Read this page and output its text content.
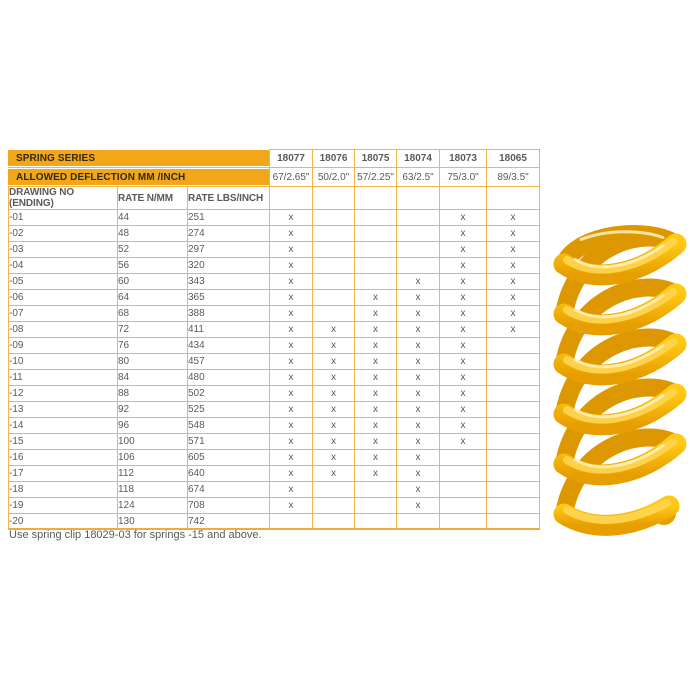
SPRING SERIES			18077	18076	18075	18074	18073	18065

ALLOWED DEFLECTION MM /INCH			67/2.65"	50/2.0"	57/2.25"	63/2.5"	75/3.0"	89/3.5"
DRAWING NO (ENDING)	RATE N/MM	RATE LBS/INCH						
-01	44	251	x				x	x
-02	48	274	x				x	x
-03	52	297	x				x	x
-04	56	320	x				x	x
-05	60	343	x			x	x	x
-06	64	365	x		x	x	x	x
-07	68	388	x		x	x	x	x
-08	72	411	x	x	x	x	x	x
-09	76	434	x	x	x	x	x	
-10	80	457	x	x	x	x	x	
-11	84	480	x	x	x	x	x	
-12	88	502	x	x	x	x	x	
-13	92	525	x	x	x	x	x	
-14	96	548	x	x	x	x	x	
-15	100	571	x	x	x	x	x	
-16	106	605	x	x	x	x		
-17	112	640	x	x	x	x		
-18	118	674	x			x		
-19	124	708	x			x		
-20	130	742						
Use spring clip 18029-03 for springs -15 and above.
